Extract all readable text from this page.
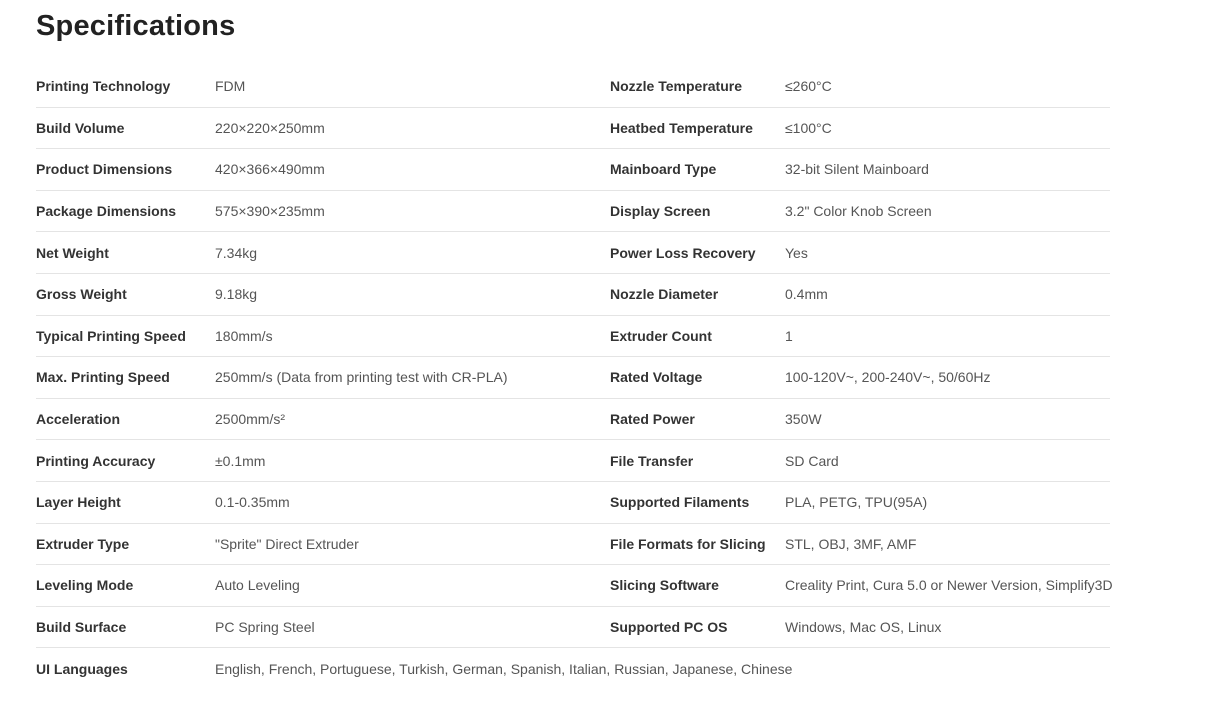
Specifications
Printing Technology	FDM	Nozzle Temperature	≤260°C
Build Volume	220×220×250mm	Heatbed Temperature	≤100°C
Product Dimensions	420×366×490mm	Mainboard Type	32-bit Silent Mainboard
Package Dimensions	575×390×235mm	Display Screen	3.2" Color Knob Screen
Net Weight	7.34kg	Power Loss Recovery	Yes
Gross Weight	9.18kg	Nozzle Diameter	0.4mm
Typical Printing Speed	180mm/s	Extruder Count	1
Max. Printing Speed	250mm/s (Data from printing test with CR-PLA)	Rated Voltage	100-120V~, 200-240V~, 50/60Hz
Acceleration	2500mm/s²	Rated Power	350W
Printing Accuracy	±0.1mm	File Transfer	SD Card
Layer Height	0.1-0.35mm	Supported Filaments	PLA, PETG, TPU(95A)
Extruder Type	"Sprite" Direct Extruder	File Formats for Slicing	STL, OBJ, 3MF, AMF
Leveling Mode	Auto Leveling	Slicing Software	Creality Print, Cura 5.0 or Newer Version, Simplify3D
Build Surface	PC Spring Steel	Supported PC OS	Windows, Mac OS, Linux
UI Languages	English, French, Portuguese, Turkish, German, Spanish, Italian, Russian, Japanese, Chinese
